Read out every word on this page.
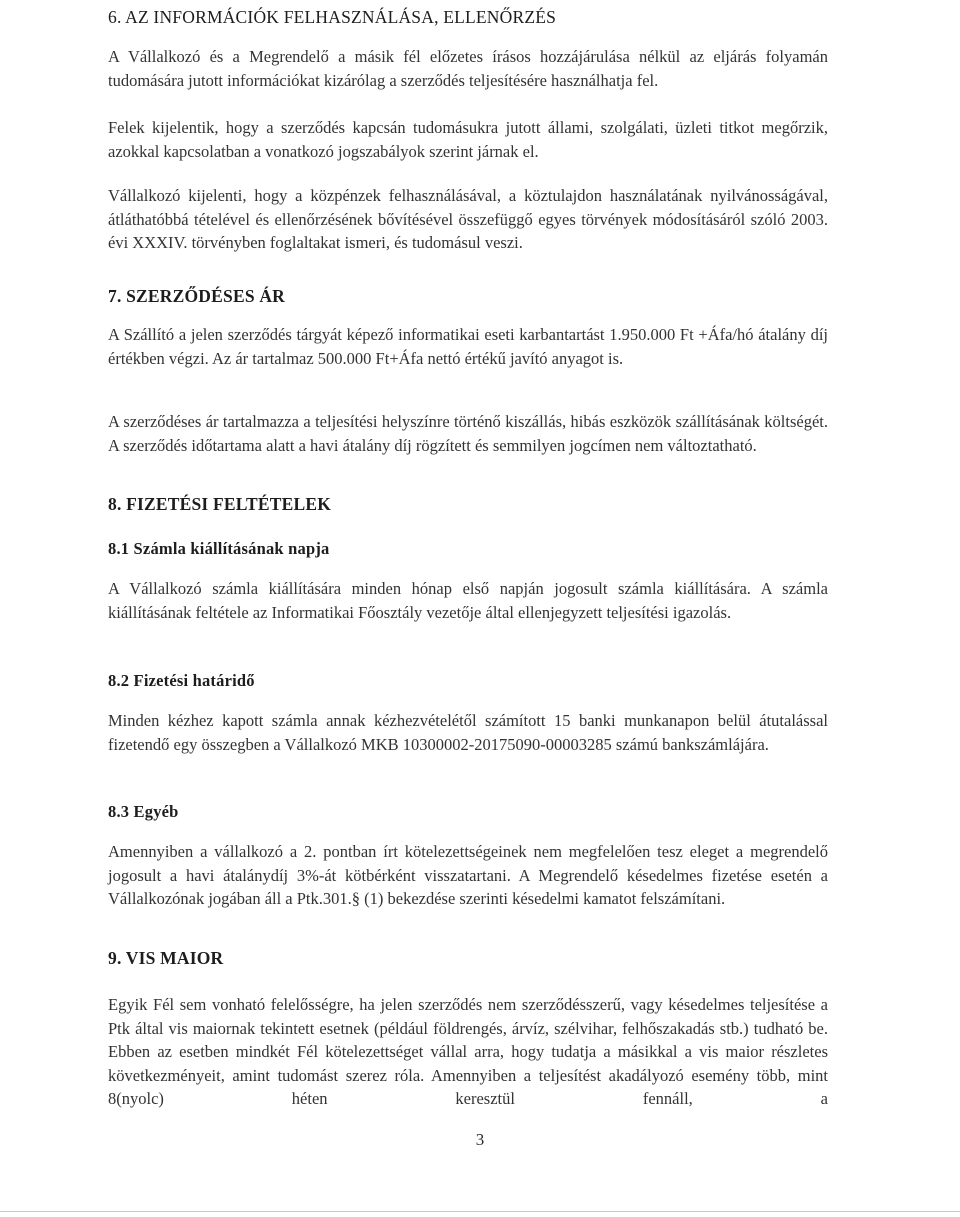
6. AZ INFORMÁCIÓK FELHASZNÁLÁSA, ELLENŐRZÉS

A Vállalkozó és a Megrendelő a másik fél előzetes írásos hozzájárulása nélkül az eljárás folyamán tudomására jutott információkat kizárólag a szerződés teljesítésére használhatja fel.

Felek kijelentik, hogy a szerződés kapcsán tudomásukra jutott állami, szolgálati, üzleti titkot megőrzik, azokkal kapcsolatban a vonatkozó jogszabályok szerint járnak el.

Vállalkozó kijelenti, hogy a közpénzek felhasználásával, a köztulajdon használatának nyilvánosságával, átláthatóbbá tételével és ellenőrzésének bővítésével összefüggő egyes törvények módosításáról szóló 2003. évi XXXIV. törvényben foglaltakat ismeri, és tudomásul veszi.

7. SZERZŐDÉSES ÁR

A Szállító a jelen szerződés tárgyát képező informatikai eseti karbantartást 1.950.000 Ft +Áfa/hó átalány díj értékben végzi. Az ár tartalmaz 500.000 Ft+Áfa nettó értékű javító anyagot is.

A szerződéses ár tartalmazza a teljesítési helyszínre történő kiszállás, hibás eszközök szállításának költségét. A szerződés időtartama alatt a havi átalány díj rögzített és semmilyen jogcímen nem változtatható.

8. FIZETÉSI FELTÉTELEK
8.1 Számla kiállításának napja

A Vállalkozó számla kiállítására minden hónap első napján jogosult számla kiállítására. A számla kiállításának feltétele az Informatikai Főosztály vezetője által ellenjegyzett teljesítési igazolás.

8.2 Fizetési határidő

Minden kézhez kapott számla annak kézhezvételétől számított 15 banki munkanapon belül átutalással fizetendő egy összegben a Vállalkozó MKB 10300002-20175090-00003285 számú bankszámlájára.

8.3 Egyéb

Amennyiben a vállalkozó a 2. pontban írt kötelezettségeinek nem megfelelően tesz eleget a megrendelő jogosult a havi átalánydíj 3%-át kötbérként visszatartani. A Megrendelő késedelmes fizetése esetén a Vállalkozónak jogában áll a Ptk.301.§ (1) bekezdése szerinti késedelmi kamatot felszámítani.

9. VIS MAIOR

Egyik Fél sem vonható felelősségre, ha jelen szerződés nem szerződésszerű, vagy késedelmes teljesítése a Ptk által vis maiornak tekintett esetnek (például földrengés, árvíz, szélvihar, felhőszakadás stb.) tudható be. Ebben az esetben mindkét Fél kötelezettséget vállal arra, hogy tudatja a másikkal a vis maior részletes következményeit, amint tudomást szerez róla. Amennyiben a teljesítést akadályozó esemény több, mint 8(nyolc) héten keresztül fennáll, a

3
